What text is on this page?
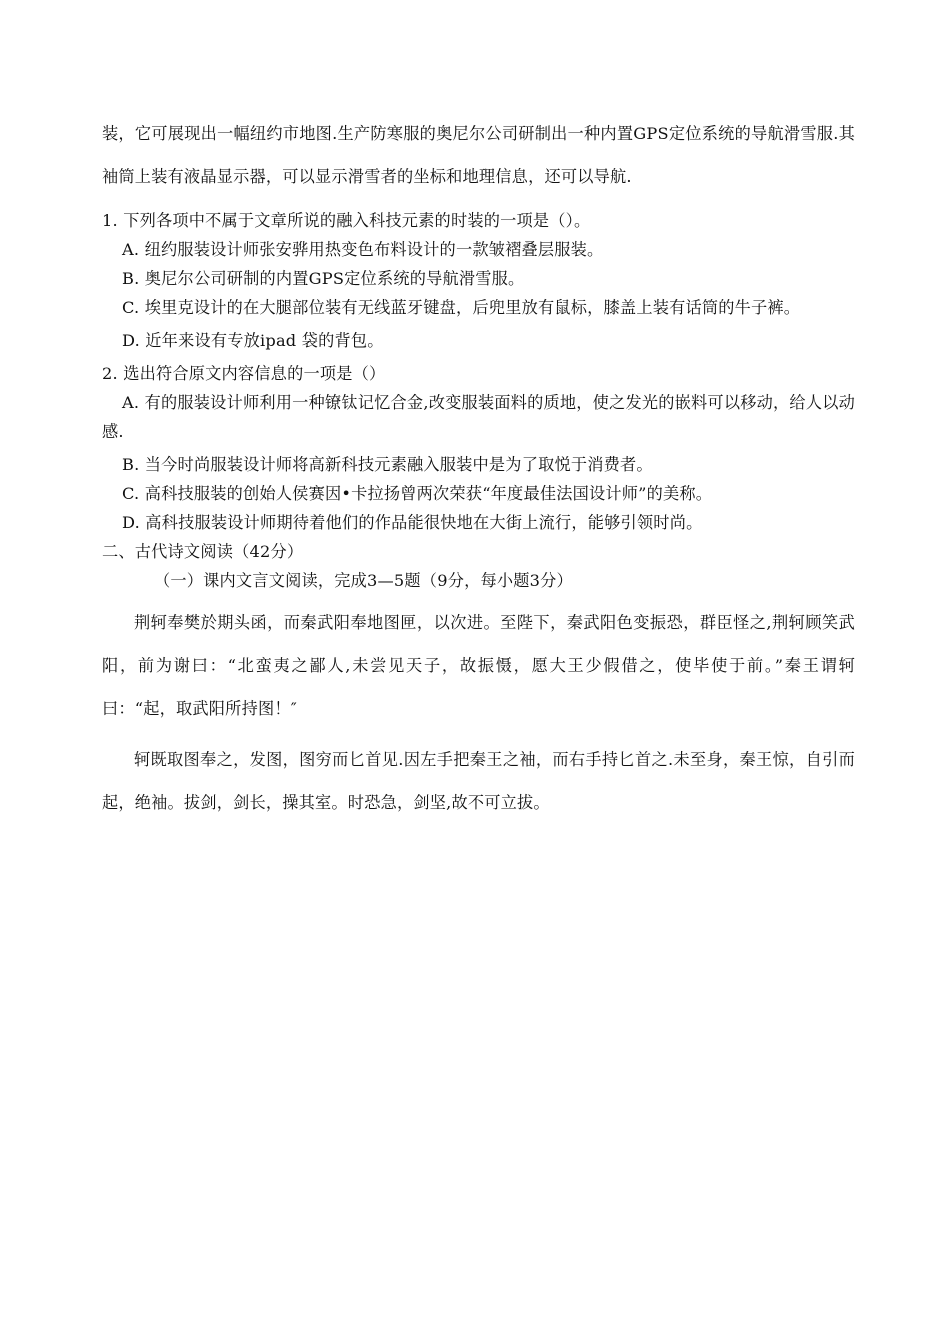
装，它可展现出一幅纽约市地图.生产防寒服的奥尼尔公司研制出一种内置GPS定位系统的导航滑雪服.其袖筒上装有液晶显示器，可以显示滑雪者的坐标和地理信息，还可以导航.

1. 下列各项中不属于文章所说的融入科技元素的时装的一项是（）。

A. 纽约服装设计师张安骅用热变色布料设计的一款皱褶叠层服装。

B. 奥尼尔公司研制的内置GPS定位系统的导航滑雪服。

C. 埃里克设计的在大腿部位装有无线蓝牙键盘，后兜里放有鼠标，膝盖上装有话筒的牛子裤。

D. 近年来设有专放ipad 袋的背包。

2. 选出符合原文内容信息的一项是（）

A. 有的服装设计师利用一种镣钛记忆合金,改变服装面料的质地，使之发光的嵌料可以移动，给人以动感.

B. 当今时尚服装设计师将高新科技元素融入服装中是为了取悦于消费者。

C. 高科技服装的创始人侯赛因•卡拉扬曾两次荣获“年度最佳法国设计师”的美称。

D. 高科技服装设计师期待着他们的作品能很快地在大街上流行，能够引领时尚。

二、古代诗文阅读（42分）

（一）课内文言文阅读，完成3—5题（9分，每小题3分）

荆轲奉樊於期头函，而秦武阳奉地图匣，以次进。至陛下，秦武阳色变振恐，群臣怪之,荆轲顾笑武阳，前为谢曰：“北蛮夷之鄙人,未尝见天子，故振慑，愿大王少假借之，使毕使于前。”秦王谓轲曰：“起，取武阳所持图！″

轲既取图奉之，发图，图穷而匕首见.因左手把秦王之袖，而右手持匕首之.未至身，秦王惊，自引而起，绝袖。拔剑，剑长，操其室。时恐急，剑坚,故不可立拔。
